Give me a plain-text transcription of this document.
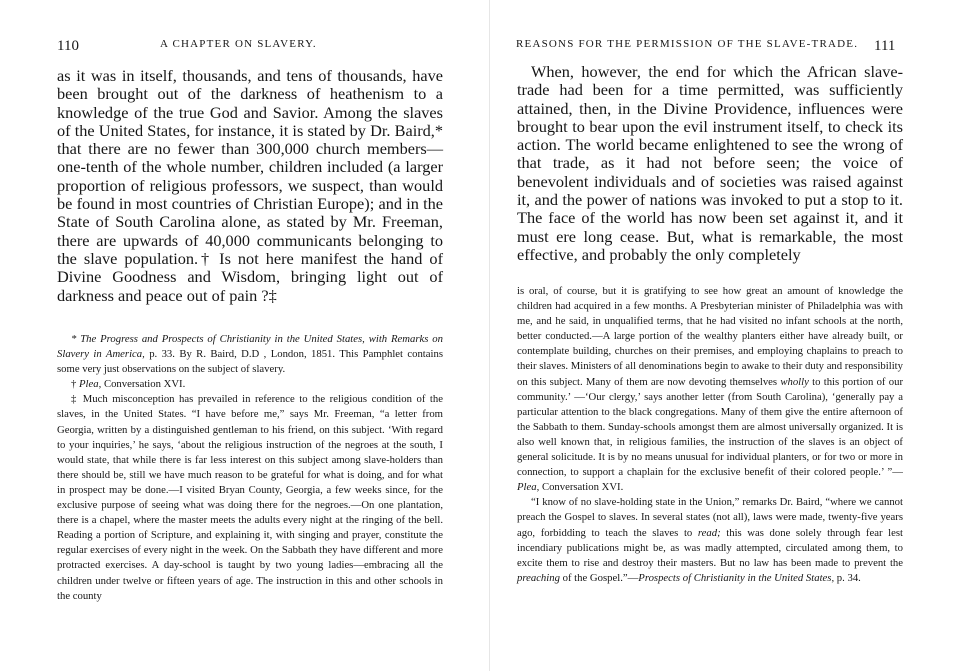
110	A CHAPTER ON SLAVERY.

as it was in itself, thousands, and tens of thousands, have been brought out of the darkness of heathenism to a knowledge of the true God and Savior. Among the slaves of the United States, for instance, it is stated by Dr. Baird,* that there are no fewer than 300,000 church members—one-tenth of the whole number, children included (a larger proportion of religious professors, we suspect, than would be found in most countries of Christian Europe); and in the State of South Carolina alone, as stated by Mr. Freeman, there are upwards of 40,000 communicants belonging to the slave population.† Is not here manifest the hand of Divine Goodness and Wisdom, bringing light out of darkness and peace out of pain ?‡

* The Progress and Prospects of Christianity in the United States, with Remarks on Slavery in America, p. 33. By R. Baird, D.D , London, 1851. This Pamphlet contains some very just observations on the subject of slavery.

† Plea, Conversation XVI.

‡ Much misconception has prevailed in reference to the religious condition of the slaves, in the United States. “I have before me,” says Mr. Freeman, “a letter from Georgia, written by a distinguished gentleman to his friend, on this subject. ‘With regard to your inquiries,’ he says, ‘about the religious instruction of the negroes at the south, I would state, that while there is far less interest on this subject among slave-holders than there should be, still we have much reason to be grateful for what is doing, and for what in prospect may be done.—I visited Bryan County, Georgia, a few weeks since, for the exclusive purpose of seeing what was doing there for the negroes.—On one plantation, there is a chapel, where the master meets the adults every night at the ringing of the bell. Reading a portion of Scripture, and explaining it, with singing and prayer, constitute the regular exercises of every night in the week. On the Sabbath they have different and more protracted exercises. A day-school is taught by two young ladies—embracing all the children under twelve or fifteen years of age. The instruction in this and other schools in the county

REASONS FOR THE PERMISSION OF THE SLAVE-TRADE. 111

When, however, the end for which the African slave-trade had been for a time permitted, was sufficiently attained, then, in the Divine Providence, influences were brought to bear upon the evil instrument itself, to check its action. The world became enlightened to see the wrong of that trade, as it had not before seen; the voice of benevolent individuals and of societies was raised against it, and the power of nations was invoked to put a stop to it. The face of the world has now been set against it, and it must ere long cease. But, what is remarkable, the most effective, and probably the only completely

is oral, of course, but it is gratifying to see how great an amount of knowledge the children had acquired in a few months. A Presbyterian minister of Philadelphia was with me, and he said, in unqualified terms, that he had visited no infant schools at the north, better conducted.—A large portion of the wealthy planters either have already built, or contemplate building, churches on their premises, and employing chaplains to preach to their slaves. Ministers of all denominations begin to awake to their duty and responsibility on this subject. Many of them are now devoting themselves wholly to this portion of our community.’ —‘Our clergy,’ says another letter (from South Carolina), ‘generally pay a particular attention to the black congregations. Many of them give the entire afternoon of the Sabbath to them. Sunday-schools amongst them are almost universally organized. It is also well known that, in religious families, the instruction of the slaves is an object of general solicitude. It is by no means unusual for individual planters, or for two or more in connection, to support a chaplain for the exclusive benefit of their colored people.’ ”—Plea, Conversation XVI.

“I know of no slave-holding state in the Union,” remarks Dr. Baird, “where we cannot preach the Gospel to slaves. In several states (not all), laws were made, twenty-five years ago, forbidding to teach the slaves to read; this was done solely through fear lest incendiary publications might be, as was madly attempted, circulated among them, to excite them to rise and destroy their masters. But no law has been made to prevent the preaching of the Gospel.”—Prospects of Christianity in the United States, p. 34.
